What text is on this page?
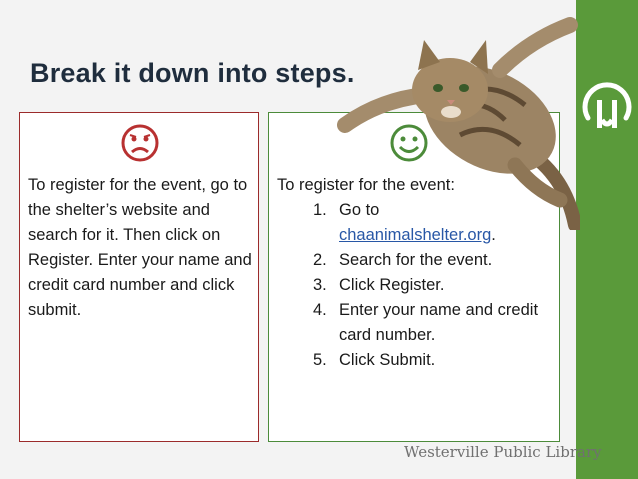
Break it down into steps.

To register for the event, go to the shelter’s website and search for it. Then click on Register. Enter your name and credit card number and click submit.

To register for the event:
1. Go to
chaanimalshelter.org.
2. Search for the event.
3. Click Register.
4. Enter your name and credit card number.
5. Click Submit.

Westerville Public Library
